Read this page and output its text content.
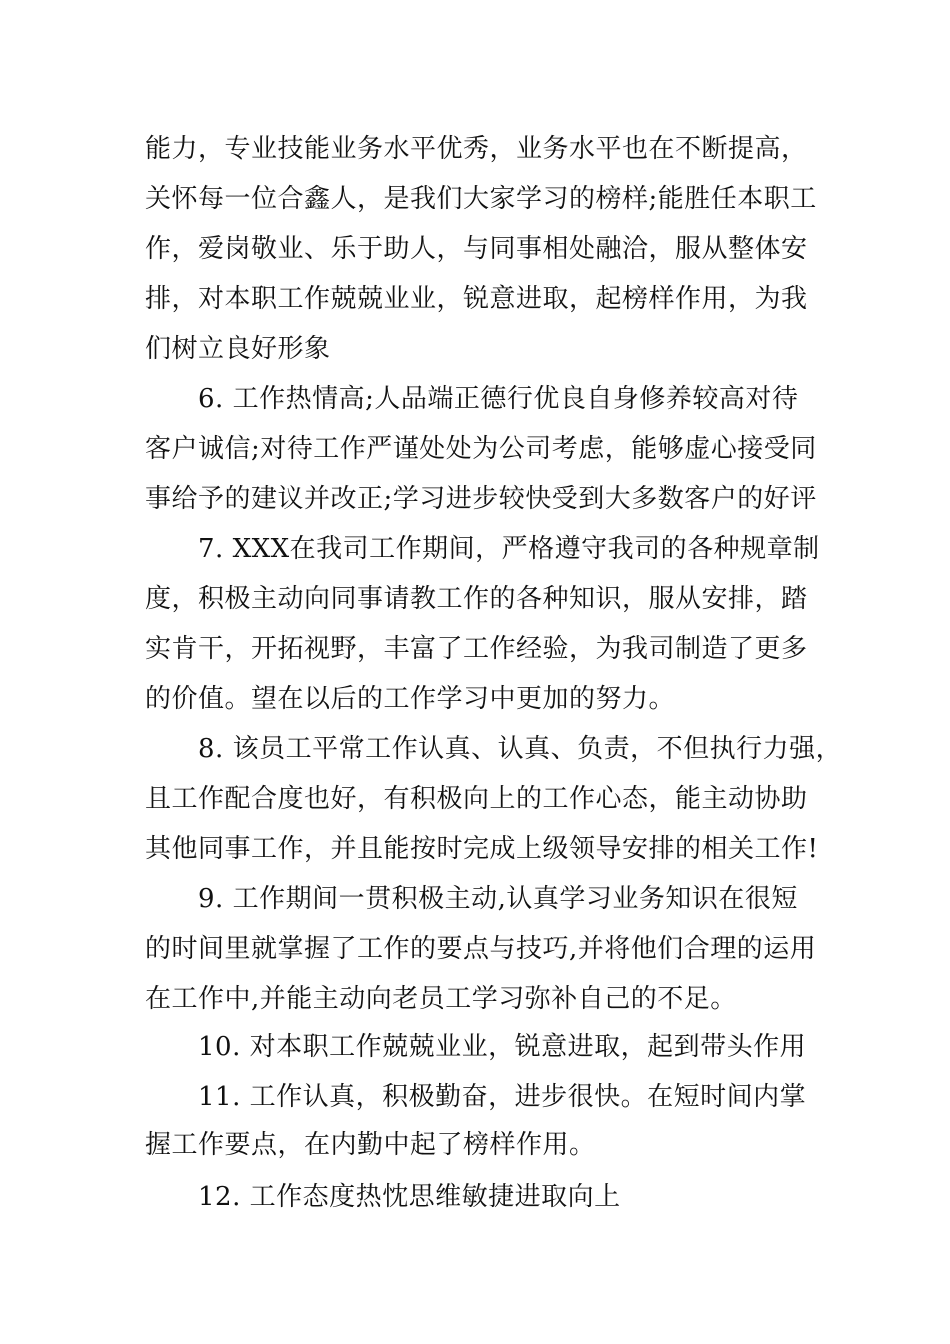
能力，专业技能业务水平优秀，业务水平也在不断提高，
关怀每一位合鑫人，是我们大家学习的榜样;能胜任本职工
作，爱岗敬业、乐于助人，与同事相处融洽，服从整体安
排，对本职工作兢兢业业，锐意进取，起榜样作用，为我
们树立良好形象
6. 工作热情高;人品端正德行优良自身修养较高对待
客户诚信;对待工作严谨处处为公司考虑，能够虚心接受同
事给予的建议并改正;学习进步较快受到大多数客户的好评
7. XXX在我司工作期间，严格遵守我司的各种规章制
度，积极主动向同事请教工作的各种知识，服从安排，踏
实肯干，开拓视野，丰富了工作经验，为我司制造了更多
的价值。望在以后的工作学习中更加的努力。
8. 该员工平常工作认真、认真、负责，不但执行力强，
且工作配合度也好，有积极向上的工作心态，能主动协助
其他同事工作，并且能按时完成上级领导安排的相关工作!
9. 工作期间一贯积极主动,认真学习业务知识在很短
的时间里就掌握了工作的要点与技巧,并将他们合理的运用
在工作中,并能主动向老员工学习弥补自己的不足。
10. 对本职工作兢兢业业，锐意进取，起到带头作用
11. 工作认真，积极勤奋，进步很快。在短时间内掌
握工作要点，在内勤中起了榜样作用。
12. 工作态度热忱思维敏捷进取向上
